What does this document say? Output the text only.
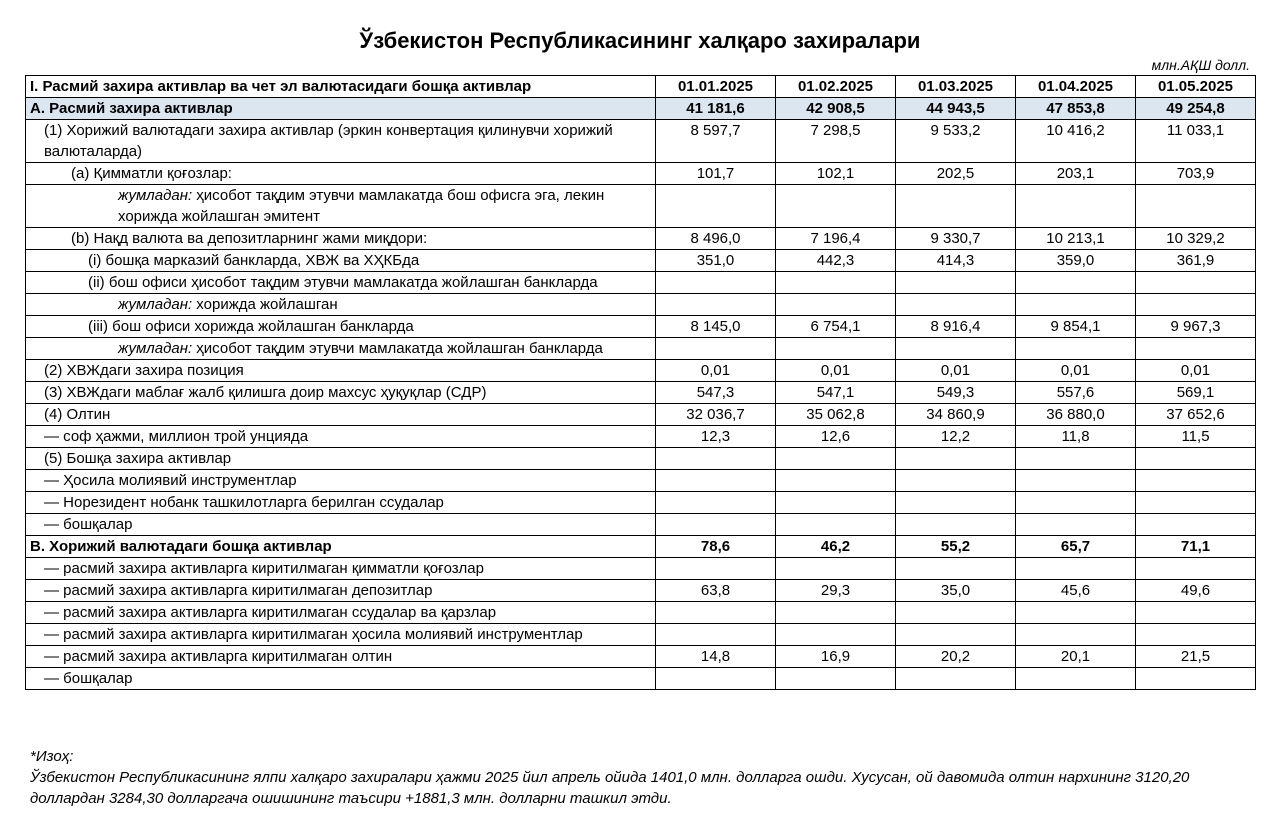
Ўзбекистон Республикасининг халқаро захиралари
млн.АҚШ долл.
I. Расмий захира активлар ва чет эл валютасидаги бошқа активлар	01.01.2025	01.02.2025	01.03.2025	01.04.2025	01.05.2025
A. Расмий захира активлар	41 181,6	42 908,5	44 943,5	47 853,8	49 254,8
(1) Хорижий валютадаги захира активлар (эркин конвертация қилинувчи хорижий валюталарда)	8 597,7	7 298,5	9 533,2	10 416,2	11 033,1
(a) Қимматли қоғозлар:	101,7	102,1	202,5	203,1	703,9
жумладан: ҳисобот тақдим этувчи мамлакатда бош офисга эга, лекин хорижда жойлашган эмитент					
(b) Нақд валюта ва депозитларнинг жами миқдори:	8 496,0	7 196,4	9 330,7	10 213,1	10 329,2
(i) бошқа марказий банкларда, ХВЖ ва ХҲКБда	351,0	442,3	414,3	359,0	361,9
(ii) бош офиси ҳисобот тақдим этувчи мамлакатда жойлашган банкларда					
жумладан: хорижда жойлашган					
(iii) бош офиси хорижда жойлашган банкларда	8 145,0	6 754,1	8 916,4	9 854,1	9 967,3
жумладан: ҳисобот тақдим этувчи мамлакатда жойлашган банкларда					
(2) ХВЖдаги захира позиция	0,01	0,01	0,01	0,01	0,01
(3) ХВЖдаги маблағ жалб қилишга доир махсус ҳуқуқлар (СДР)	547,3	547,1	549,3	557,6	569,1
(4) Олтин	32 036,7	35 062,8	34 860,9	36 880,0	37 652,6
— соф ҳажми, миллион трой унцияда	12,3	12,6	12,2	11,8	11,5
(5) Бошқа захира активлар					
— Ҳосила молиявий инструментлар					
— Норезидент нобанк ташкилотларга берилган ссудалар					
— бошқалар					
B. Хорижий валютадаги бошқа активлар	78,6	46,2	55,2	65,7	71,1
— расмий захира активларга киритилмаган қимматли қоғозлар					
— расмий захира активларга киритилмаган депозитлар	63,8	29,3	35,0	45,6	49,6
— расмий захира активларга киритилмаган ссудалар ва қарзлар					
— расмий захира активларга киритилмаган ҳосила молиявий инструментлар					
— расмий захира активларга киритилмаган олтин	14,8	16,9	20,2	20,1	21,5
— бошқалар					
*Изоҳ:
Ўзбекистон Республикасининг ялпи халқаро захиралари ҳажми 2025 йил апрель ойида 1401,0 млн. долларга ошди. Хусусан, ой давомида олтин нархининг 3120,20 доллардан 3284,30 долларгача ошишининг таъсири +1881,3 млн. долларни ташкил этди.
